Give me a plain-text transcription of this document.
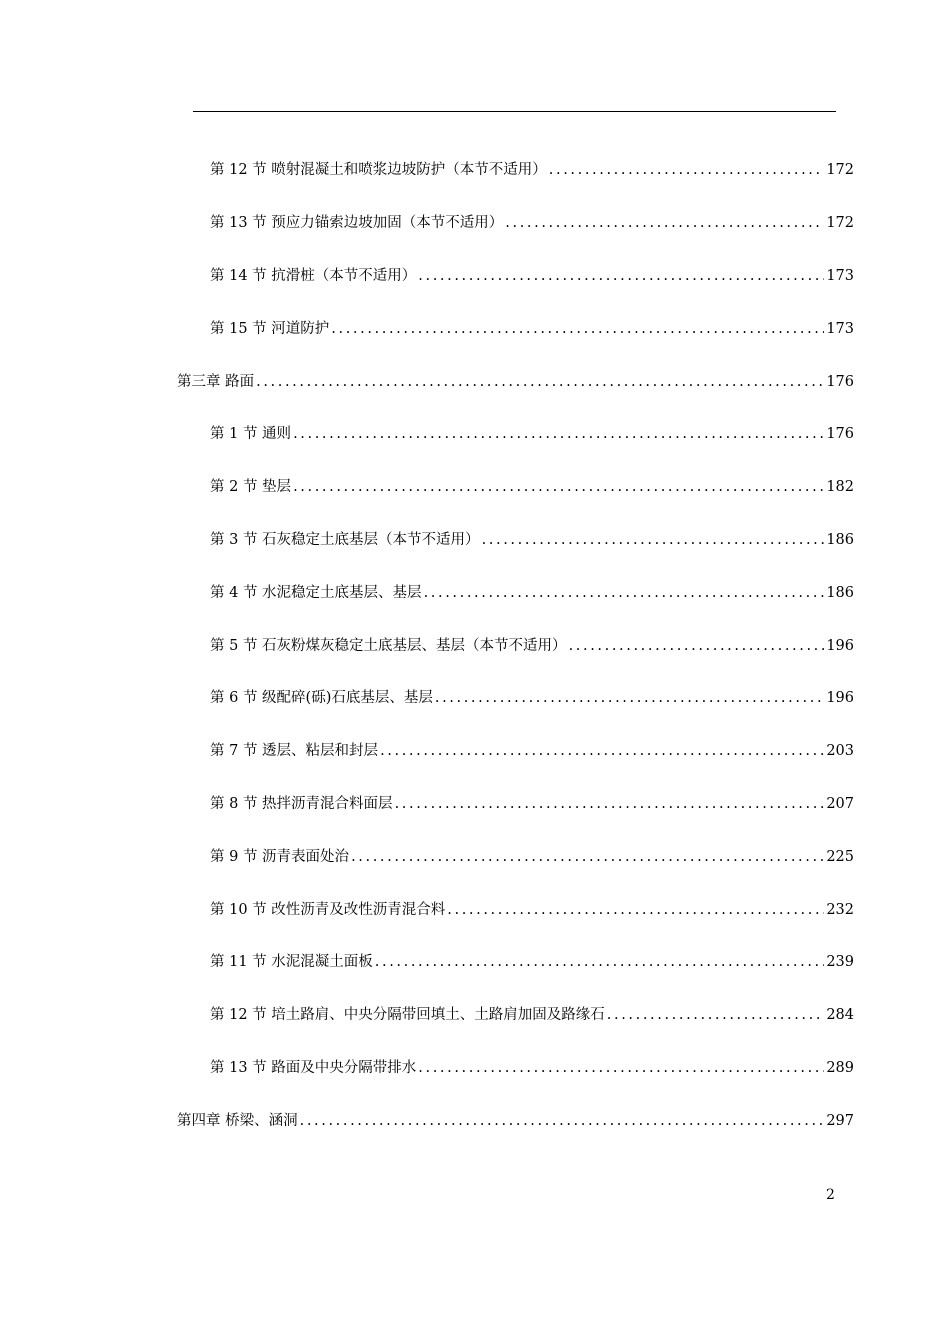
第 12 节 喷射混凝土和喷浆边坡防护（本节不适用） .....	172
第 13 节 预应力锚索边坡加固（本节不适用） .....	172
第 14 节 抗滑桩（本节不适用） .....	173
第 15 节 河道防护 .....	173
第三章 路面 .....	176
第 1 节 通则 .....	176
第 2 节 垫层 .....	182
第 3 节 石灰稳定土底基层（本节不适用） .....	186
第 4 节 水泥稳定土底基层、基层 .....	186
第 5 节 石灰粉煤灰稳定土底基层、基层（本节不适用） .....	196
第 6 节 级配碎(砾)石底基层、基层 .....	196
第 7 节 透层、粘层和封层 .....	203
第 8 节 热拌沥青混合料面层 .....	207
第 9 节 沥青表面处治 .....	225
第 10 节 改性沥青及改性沥青混合料 .....	232
第 11 节 水泥混凝土面板 .....	239
第 12 节 培土路肩、中央分隔带回填土、土路肩加固及路缘石 .....	284
第 13 节 路面及中央分隔带排水 .....	289
第四章 桥梁、涵洞 .....	297
2
